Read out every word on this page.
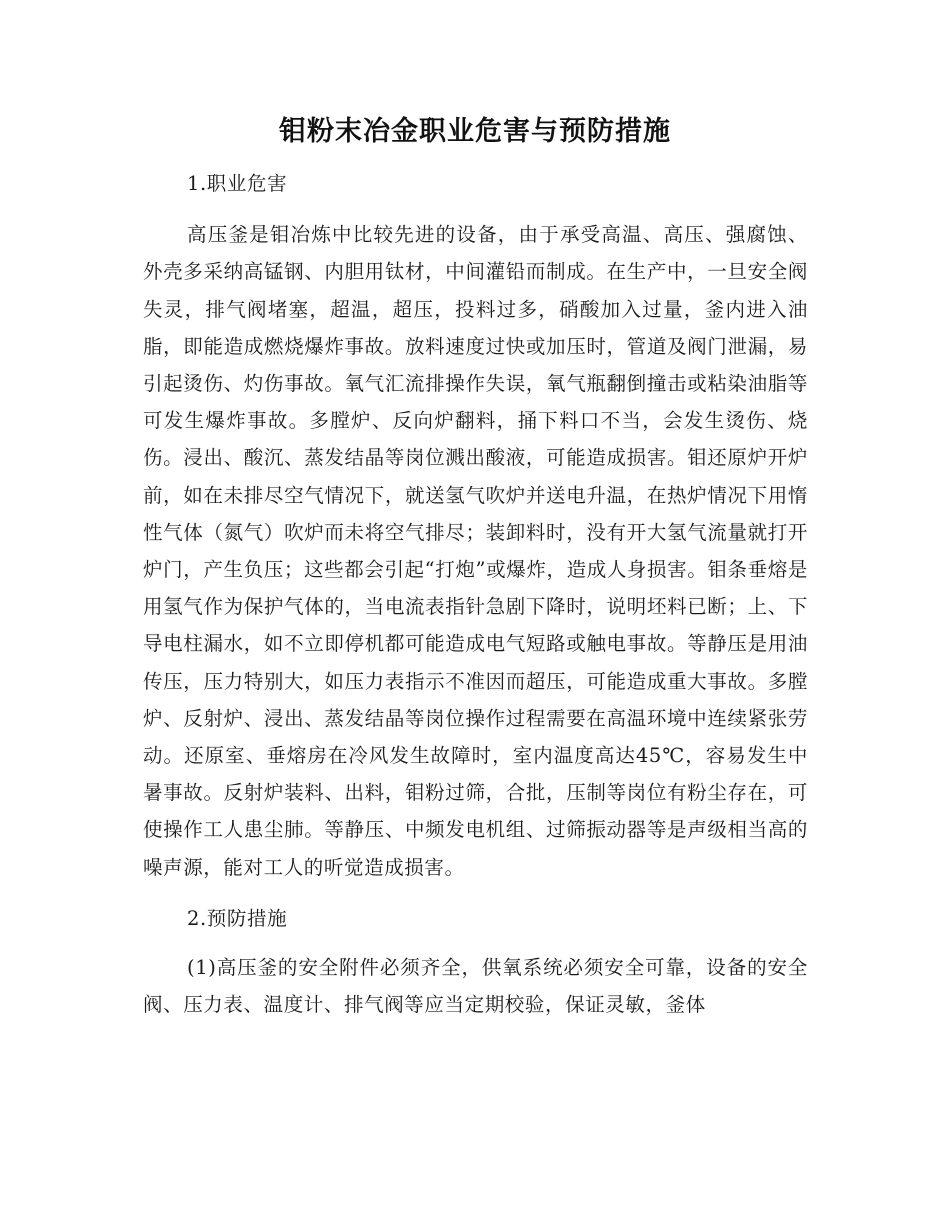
钼粉末冶金职业危害与预防措施

1.职业危害

高压釜是钼冶炼中比较先进的设备，由于承受高温、高压、强腐蚀、外壳多采纳高锰钢、内胆用钛材，中间灌铅而制成。在生产中，一旦安全阀失灵，排气阀堵塞，超温，超压，投料过多，硝酸加入过量，釜内进入油脂，即能造成燃烧爆炸事故。放料速度过快或加压时，管道及阀门泄漏，易引起烫伤、灼伤事故。氧气汇流排操作失误，氧气瓶翻倒撞击或粘染油脂等可发生爆炸事故。多膛炉、反向炉翻料，捅下料口不当，会发生烫伤、烧伤。浸出、酸沉、蒸发结晶等岗位溅出酸液，可能造成损害。钼还原炉开炉前，如在未排尽空气情况下，就送氢气吹炉并送电升温，在热炉情况下用惰性气体（氮气）吹炉而未将空气排尽；装卸料时，没有开大氢气流量就打开炉门，产生负压；这些都会引起“打炮”或爆炸，造成人身损害。钼条垂熔是用氢气作为保护气体的，当电流表指针急剧下降时，说明坯料已断；上、下导电柱漏水，如不立即停机都可能造成电气短路或触电事故。等静压是用油传压，压力特别大，如压力表指示不准因而超压，可能造成重大事故。多膛炉、反射炉、浸出、蒸发结晶等岗位操作过程需要在高温环境中连续紧张劳动。还原室、垂熔房在冷风发生故障时，室内温度高达45℃，容易发生中暑事故。反射炉装料、出料，钼粉过筛，合批，压制等岗位有粉尘存在，可使操作工人患尘肺。等静压、中频发电机组、过筛振动器等是声级相当高的噪声源，能对工人的听觉造成损害。

2.预防措施

(1)高压釜的安全附件必须齐全，供氧系统必须安全可靠，设备的安全阀、压力表、温度计、排气阀等应当定期校验，保证灵敏，釜体
